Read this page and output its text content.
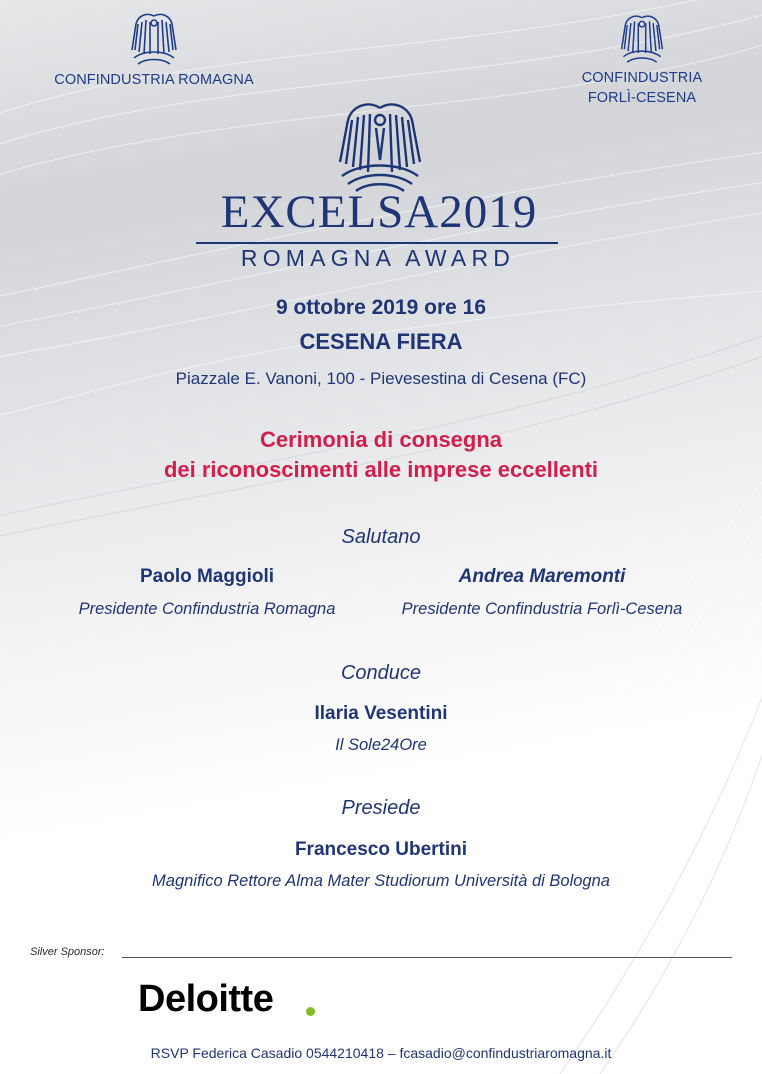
CONFINDUSTRIA ROMAGNA	CONFINDUSTRIA
FORLÌ-CESENA
EXCELSA2019
ROMAGNA AWARD
9 ottobre 2019 ore 16
CESENA FIERA
Piazzale E. Vanoni, 100 - Pievesestina di Cesena (FC)
Cerimonia di consegna
dei riconoscimenti alle imprese eccellenti
Salutano
Paolo Maggioli
Presidente Confindustria Romagna
Andrea Maremonti
Presidente Confindustria Forlì-Cesena
Conduce
Ilaria Vesentini
Il Sole24Ore
Presiede
Francesco Ubertini
Magnifico Rettore Alma Mater Studiorum Università di Bologna
Silver Sponsor:
Deloitte
RSVP Federica Casadio 0544210418 – fcasadio@confindustriaromagna.it
